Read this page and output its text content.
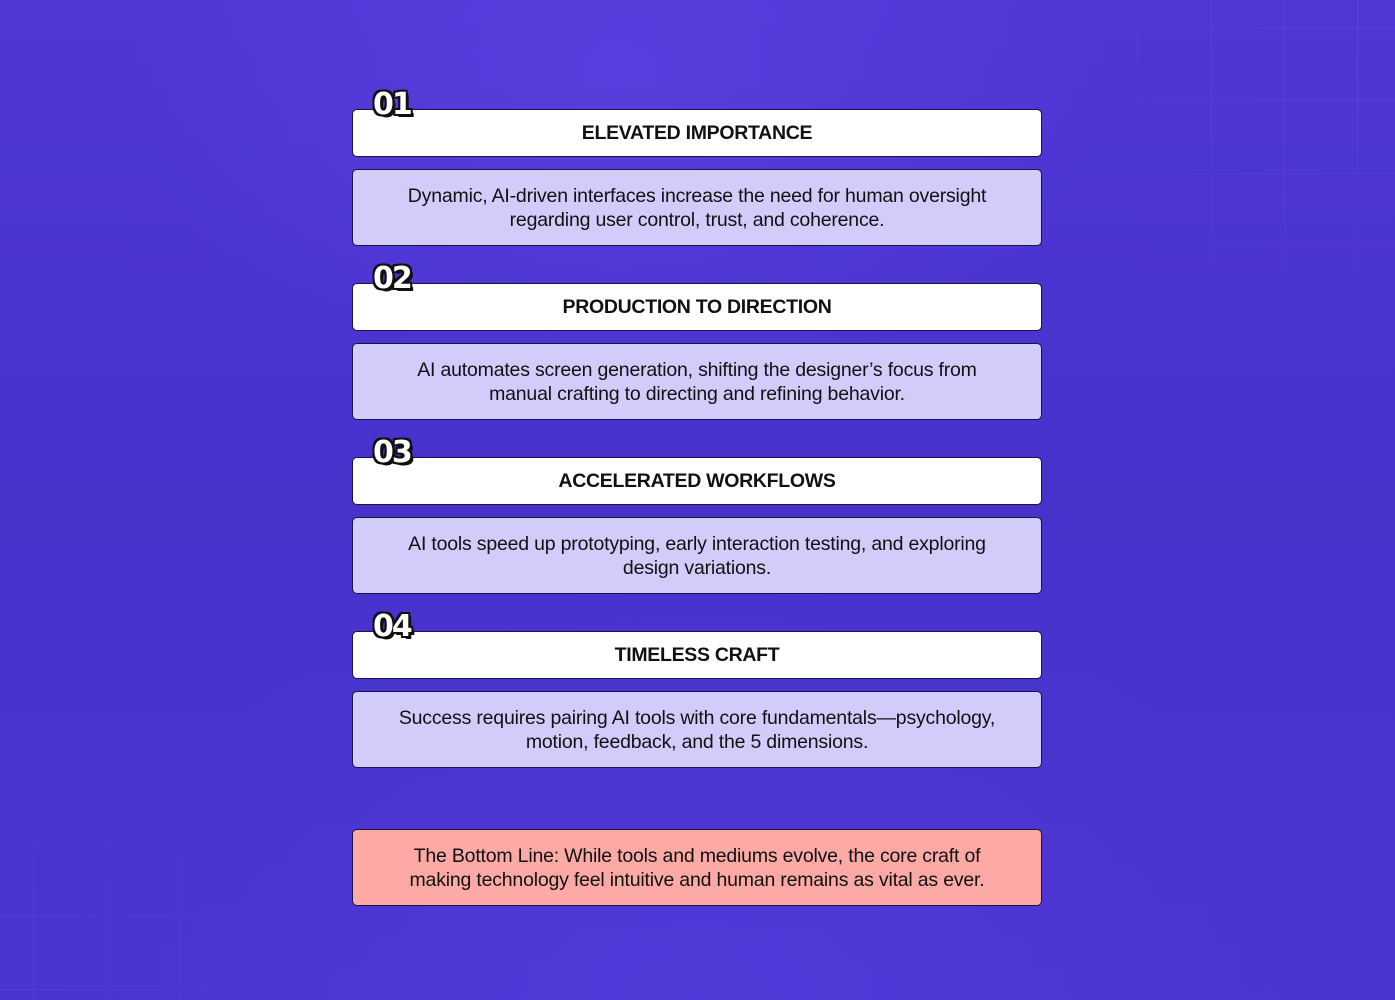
01
ELEVATED IMPORTANCE
Dynamic, AI-driven interfaces increase the need for human oversight regarding user control, trust, and coherence.
02
PRODUCTION TO DIRECTION
AI automates screen generation, shifting the designer’s focus from manual crafting to directing and refining behavior.
03
ACCELERATED WORKFLOWS
AI tools speed up prototyping, early interaction testing, and exploring design variations.
04
TIMELESS CRAFT
Success requires pairing AI tools with core fundamentals—psychology, motion, feedback, and the 5 dimensions.
The Bottom Line: While tools and mediums evolve, the core craft of making technology feel intuitive and human remains as vital as ever.
